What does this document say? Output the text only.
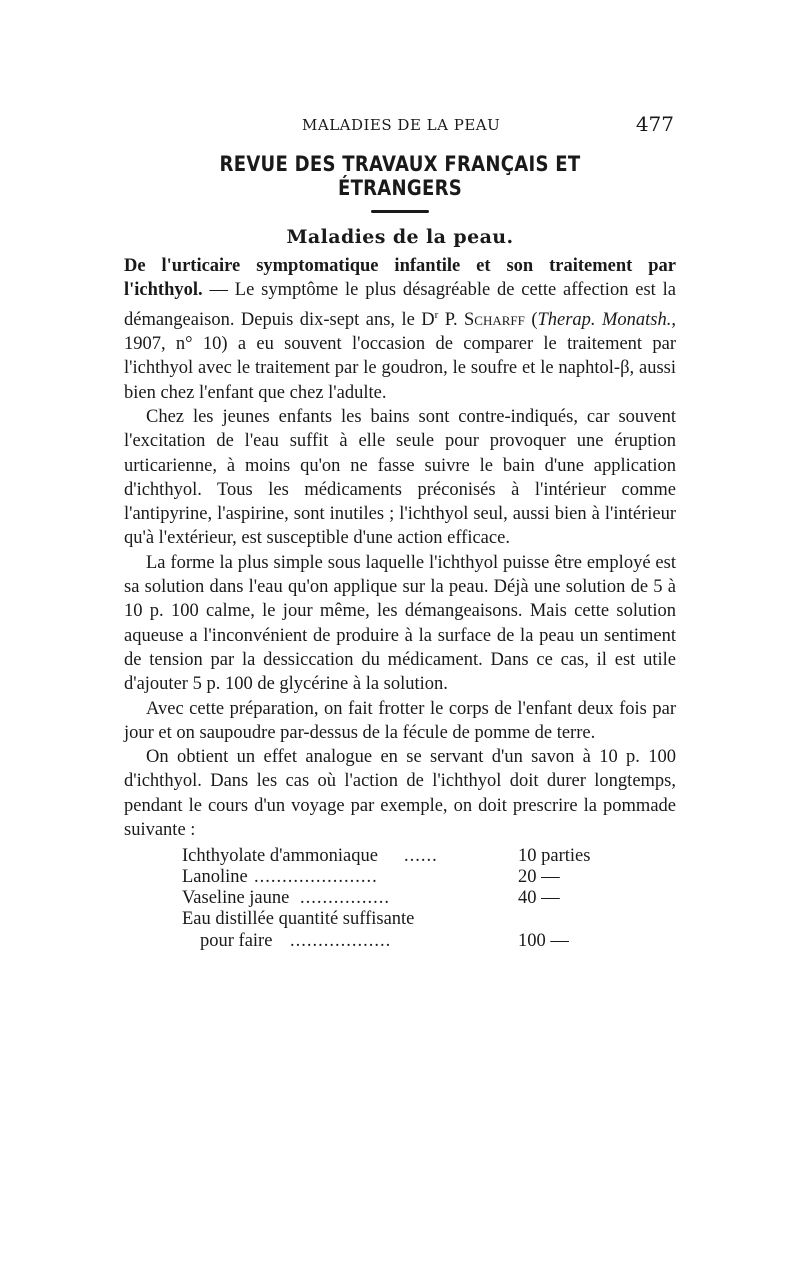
MALADIES DE LA PEAU	477
REVUE DES TRAVAUX FRANÇAIS ET ÉTRANGERS
Maladies de la peau.

De l'urticaire symptomatique infantile et son traitement par l'ichthyol. — Le symptôme le plus désagréable de cette affection est la démangeaison. Depuis dix-sept ans, le $D^r$ P. Scharff (Therap. Monatsh., 1907, n° 10) a eu souvent l'occasion de comparer le traitement par l'ichthyol avec le traitement par le goudron, le soufre et le naphtol-β, aussi bien chez l'enfant que chez l'adulte.

Chez les jeunes enfants les bains sont contre-indiqués, car souvent l'excitation de l'eau suffit à elle seule pour provoquer une éruption urticarienne, à moins qu'on ne fasse suivre le bain d'une application d'ichthyol. Tous les médicaments préconisés à l'intérieur comme l'antipyrine, l'aspirine, sont inutiles ; l'ichthyol seul, aussi bien à l'intérieur qu'à l'extérieur, est susceptible d'une action efficace.

La forme la plus simple sous laquelle l'ichthyol puisse être employé est sa solution dans l'eau qu'on applique sur la peau. Déjà une solution de 5 à 10 p. 100 calme, le jour même, les démangeaisons. Mais cette solution aqueuse a l'inconvénient de produire à la surface de la peau un sentiment de tension par la dessiccation du médicament. Dans ce cas, il est utile d'ajouter 5 p. 100 de glycérine à la solution.

Avec cette préparation, on fait frotter le corps de l'enfant deux fois par jour et on saupoudre par-dessus de la fécule de pomme de terre.

On obtient un effet analogue en se servant d'un savon à 10 p. 100 d'ichthyol. Dans les cas où l'action de l'ichthyol doit durer longtemps, pendant le cours d'un voyage par exemple, on doit prescrire la pommade suivante :

Ichthyolate d'ammoniaque ......	10 parties
Lanoline ......................	20 —
Vaseline jaune ................	40 —
Eau distillée quantité suffisante
pour faire ..................	100 —
